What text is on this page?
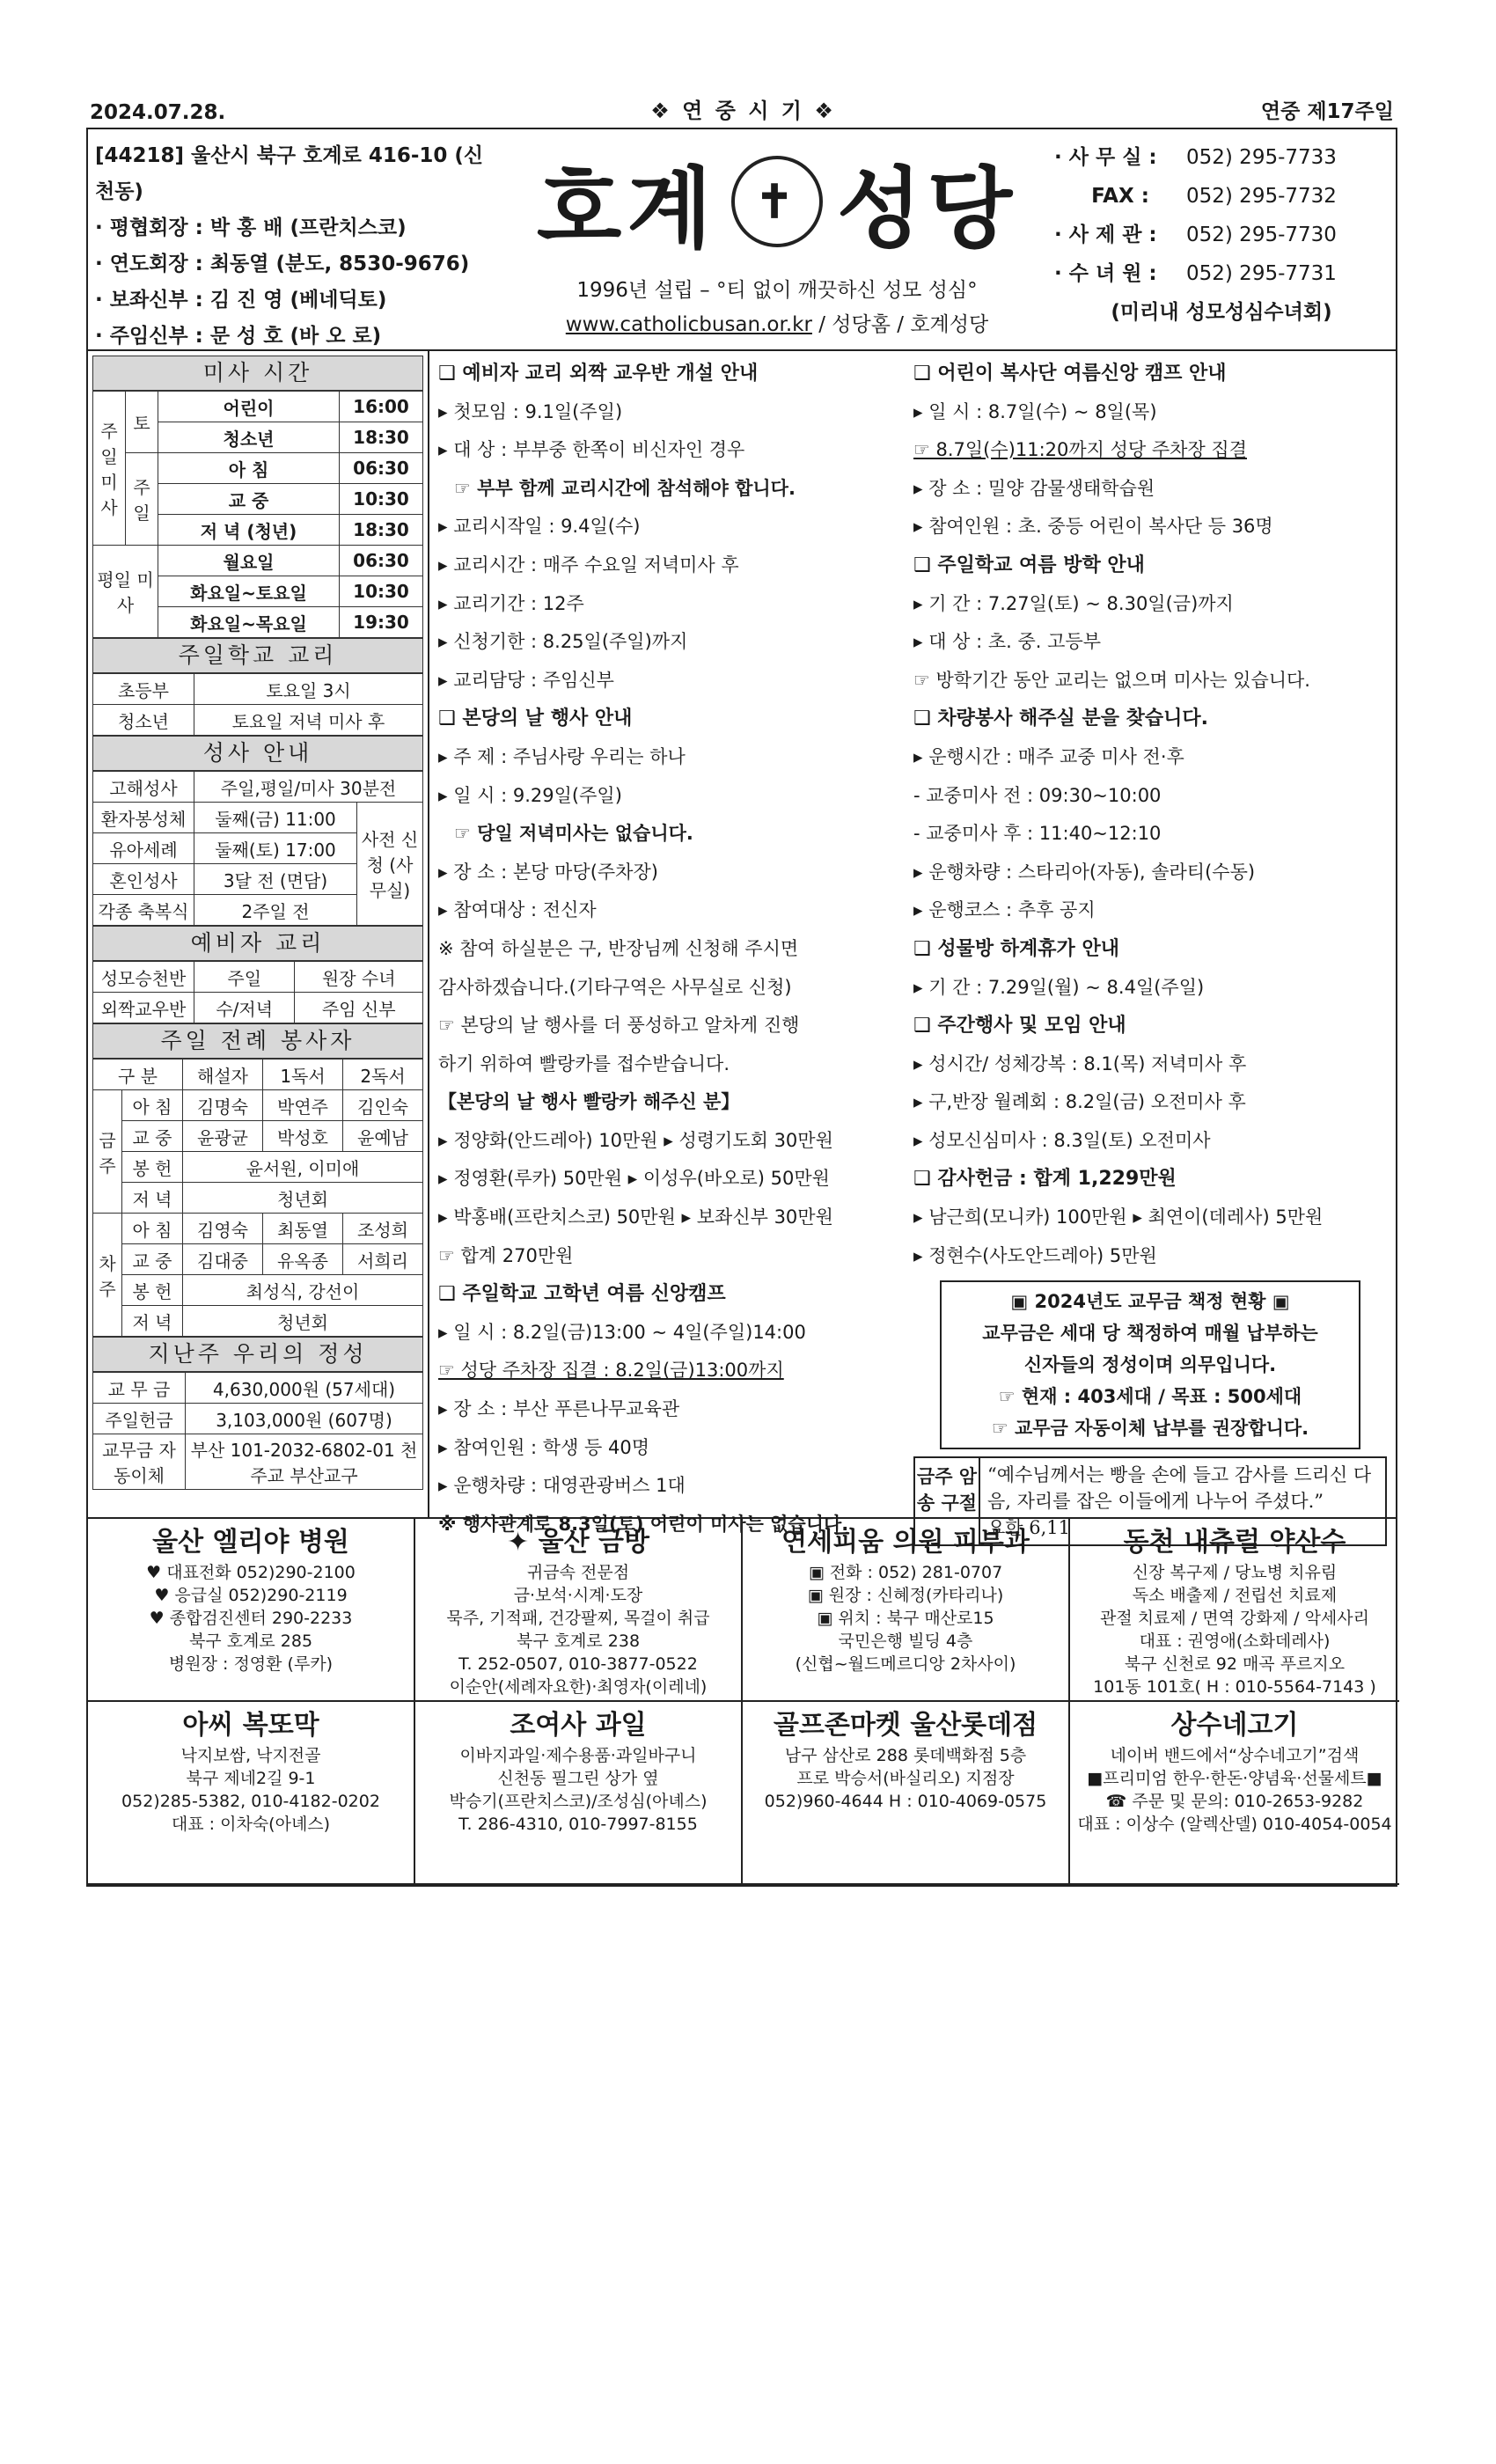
2024.07.28.	❖ 연 중 시 기 ❖	연중 제17주일
[44218] 울산시 북구 호계로 416-10 (신천동)
· 평협회장 : 박 홍 배 (프란치스코)
· 연도회장 : 최동열 (분도, 8530-9676)
· 보좌신부 : 김 진 영 (베네딕토)
· 주임신부 : 문 성 호 (바 오 로)
호계 ✝ 성당
1996년 설립 – °티 없이 깨끗하신 성모 성심°
www.catholicbusan.or.kr / 성당홈 / 호계성당
· 사 무 실 :	052) 295-7733
FAX :	052) 295-7732
· 사 제 관 :	052) 295-7730
· 수 녀 원 :	052) 295-7731
(미리내 성모성심수녀회)
미사 시간
주일미사	토	어린이	16:00
		청소년	18:30
	주일	아 침	06:30
		교 중	10:30
		저 녁 (청년)	18:30
평일 미사		월요일	06:30
		화요일~토요일	10:30
		화요일~목요일	19:30
주일학교 교리
초등부	토요일 3시
청소년	토요일 저녁 미사 후
성사 안내
고해성사	주일,평일/미사 30분전	
환자봉성체	둘째(금) 11:00	사전 신청 (사무실)
유아세례	둘째(토) 17:00	
혼인성사	3달 전 (면담)	
각종 축복식	2주일 전	
예비자 교리
성모승천반	주일	원장 수녀
외짝교우반	수/저녁	주임 신부
주일 전례 봉사자
구 분		해설자	1독서	2독서
금주	아 침	김명숙	박연주	김인숙
	교 중	윤광균	박성호	윤예남
	봉 헌	윤서원, 이미애		
	저 녁	청년회		
차주	아 침	김영숙	최동열	조성희
	교 중	김대중	유옥종	서희리
	봉 헌	최성식, 강선이		
	저 녁	청년회		
지난주 우리의 정성
교 무 금	4,630,000원 (57세대)
주일헌금	3,103,000원 (607명)
교무금 자동이체	부산 101-2032-6802-01 천주교 부산교구
❑ 예비자 교리 외짝 교우반 개설 안내
▸ 첫모임 : 9.1일(주일)
▸ 대 상 : 부부중 한쪽이 비신자인 경우
☞ 부부 함께 교리시간에 참석해야 합니다.
▸ 교리시작일 : 9.4일(수)
▸ 교리시간 : 매주 수요일 저녁미사 후
▸ 교리기간 : 12주
▸ 신청기한 : 8.25일(주일)까지
▸ 교리담당 : 주임신부
❑ 본당의 날 행사 안내
▸ 주 제 : 주님사랑 우리는 하나
▸ 일 시 : 9.29일(주일)
☞ 당일 저녁미사는 없습니다.
▸ 장 소 : 본당 마당(주차장)
▸ 참여대상 : 전신자
※ 참여 하실분은 구, 반장님께 신청해 주시면
감사하겠습니다.(기타구역은 사무실로 신청)
☞ 본당의 날 행사를 더 풍성하고 알차게 진행
하기 위하여 빨랑카를 접수받습니다.
【본당의 날 행사 빨랑카 해주신 분】
▸ 정양화(안드레아) 10만원 ▸ 성령기도회 30만원
▸ 정영환(루카) 50만원 ▸ 이성우(바오로) 50만원
▸ 박홍배(프란치스코) 50만원 ▸ 보좌신부 30만원
☞ 합계 270만원
❑ 주일학교 고학년 여름 신앙캠프
▸ 일 시 : 8.2일(금)13:00 ~ 4일(주일)14:00
☞ 성당 주차장 집결 : 8.2일(금)13:00까지
▸ 장 소 : 부산 푸른나무교육관
▸ 참여인원 : 학생 등 40명
▸ 운행차량 : 대영관광버스 1대
※ 행사관계로 8.3일(토) 어린이 미사는 없습니다.
❑ 어린이 복사단 여름신앙 캠프 안내
▸ 일 시 : 8.7일(수) ~ 8일(목)
☞ 8.7일(수)11:20까지 성당 주차장 집결
▸ 장 소 : 밀양 감물생태학습원
▸ 참여인원 : 초. 중등 어린이 복사단 등 36명
❑ 주일학교 여름 방학 안내
▸ 기 간 : 7.27일(토) ~ 8.30일(금)까지
▸ 대 상 : 초. 중. 고등부
☞ 방학기간 동안 교리는 없으며 미사는 있습니다.
❑ 차량봉사 해주실 분을 찾습니다.
▸ 운행시간 : 매주 교중 미사 전·후
- 교중미사 전 : 09:30~10:00
- 교중미사 후 : 11:40~12:10
▸ 운행차량 : 스타리아(자동), 솔라티(수동)
▸ 운행코스 : 추후 공지
❑ 성물방 하계휴가 안내
▸ 기 간 : 7.29일(월) ~ 8.4일(주일)
❑ 주간행사 및 모임 안내
▸ 성시간/ 성체강복 : 8.1(목) 저녁미사 후
▸ 구,반장 월례회 : 8.2일(금) 오전미사 후
▸ 성모신심미사 : 8.3일(토) 오전미사
❑ 감사헌금 : 합계 1,229만원
▸ 남근희(모니카) 100만원 ▸ 최연이(데레사) 5만원
▸ 정현수(사도안드레아) 5만원
▣ 2024년도 교무금 책정 현황 ▣
교무금은 세대 당 책정하여 매월 납부하는
신자들의 정성이며 의무입니다.
☞ 현재 : 403세대 / 목표 : 500세대
☞ 교무금 자동이체 납부를 권장합니다.
금주 암송 구절
“예수님께서는 빵을 손에 들고 감사를 드리신 다음, 자리를 잡은 이들에게 나누어 주셨다.”
요한 6,11
울산 엘리야 병원
♥ 대표전화 052)290-2100
♥ 응급실 052)290-2119
♥ 종합검진센터 290-2233
북구 호계로 285
병원장 : 정영환 (루카)
✦ 울산 금방
귀금속 전문점
금·보석·시계·도장
묵주, 기적패, 건강팔찌, 목걸이 취급
북구 호계로 238
T. 252-0507, 010-3877-0522
이순안(세례자요한)·최영자(이레네)
연세피움 의원 피부과
▣ 전화 : 052) 281-0707
▣ 원장 : 신혜정(카타리나)
▣ 위치 : 북구 매산로15
국민은행 빌딩 4층
(신협~월드메르디앙 2차사이)
동천 내츄럴 약산수
신장 복구제 / 당뇨병 치유림
독소 배출제 / 전립선 치료제
관절 치료제 / 면역 강화제 / 악세사리
대표 : 권영애(소화데레사)
북구 신천로 92 매곡 푸르지오
101동 101호( H : 010-5564-7143 )
아씨 복또막
낙지보쌈, 낙지전골
북구 제네2길 9-1
052)285-5382, 010-4182-0202
대표 : 이차숙(아녜스)
조여사 과일
이바지과일·제수용품·과일바구니
신천동 필그린 상가 옆
박승기(프란치스코)/조성심(아녜스)
T. 286-4310, 010-7997-8155
골프존마켓 울산롯데점
남구 삼산로 288 롯데백화점 5층
프로 박승서(바실리오) 지점장
052)960-4644 H : 010-4069-0575
상수네고기
네이버 밴드에서“상수네고기”검색
■프리미엄 한우·한돈·양념육·선물세트■
☎ 주문 및 문의: 010-2653-9282
대표 : 이상수 (알렉산델) 010-4054-0054
